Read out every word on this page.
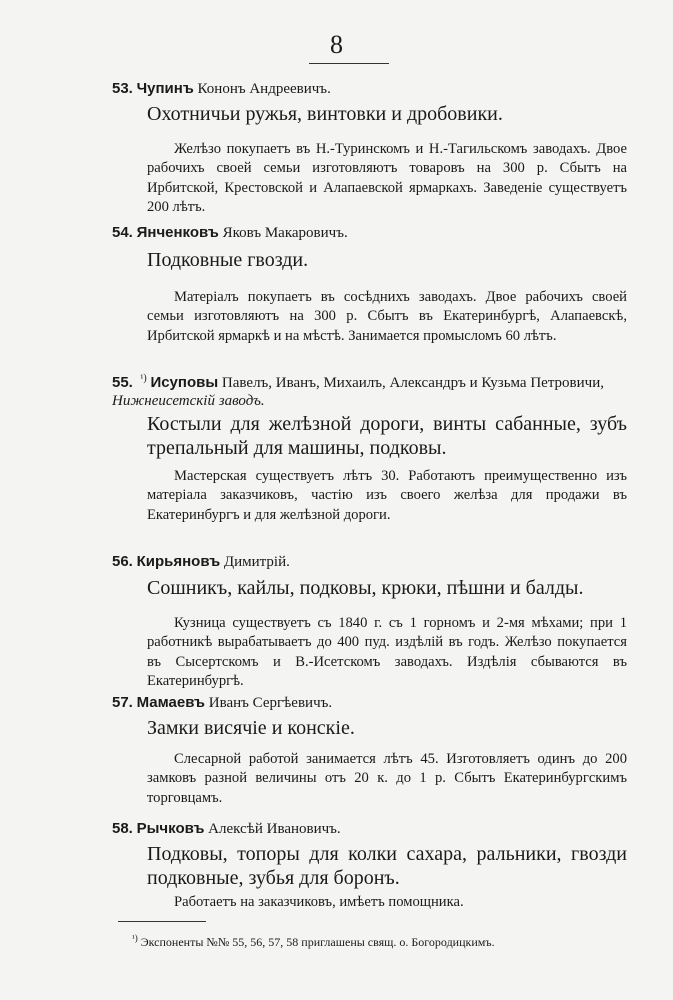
8
53. Чупинъ Кононъ Андреевичъ.
Охотничьи ружья, винтовки и дробовики.
Желѣзо покупаетъ въ Н.-Туринскомъ и Н.-Тагильскомъ заводахъ. Двое рабочихъ своей семьи изготовляютъ товаровъ на 300 р. Сбытъ на Ирбитской, Крестовской и Алапаевской ярмаркахъ. Заведеніе существуетъ 200 лѣтъ.
54. Янченковъ Яковъ Макаровичъ.
Подковные гвозди.
Матеріалъ покупаетъ въ сосѣднихъ заводахъ. Двое рабочихъ своей семьи изготовляютъ на 300 р. Сбытъ въ Екатеринбургѣ, Алапаевскѣ, Ирбитской ярмаркѣ и на мѣстѣ. Занимается промысломъ 60 лѣтъ.
55. $^{^1)}$ Исуповы Павелъ, Иванъ, Михаилъ, Александръ и Кузьма Петровичи, Нижнеисетскій заводъ.
Костыли для желѣзной дороги, винты сабанные, зубъ трепальный для машины, подковы.
Мастерская существуетъ лѣтъ 30. Работаютъ преимущественно изъ матеріала заказчиковъ, частію изъ своего желѣза для продажи въ Екатеринбургъ и для желѣзной дороги.
56. Кирьяновъ Димитрій.
Сошникъ, кайлы, подковы, крюки, пѣшни и балды.
Кузница существуетъ съ 1840 г. съ 1 горномъ и 2-мя мѣхами; при 1 работникѣ вырабатываетъ до 400 пуд. издѣлій въ годъ. Желѣзо покупается въ Сысертскомъ и В.-Исетскомъ заводахъ. Издѣлія сбываются въ Екатеринбургѣ.
57. Мамаевъ Иванъ Сергѣевичъ.
Замки висячіе и конскіе.
Слесарной работой занимается лѣтъ 45. Изготовляетъ одинъ до 200 замковъ разной величины отъ 20 к. до 1 р. Сбытъ Екатеринбургскимъ торговцамъ.
58. Рычковъ Алексѣй Ивановичъ.
Подковы, топоры для колки сахара, ральники, гвозди подковные, зубья для боронъ.
Работаетъ на заказчиковъ, имѣетъ помощника.
$^{^1)}$ Экспоненты №№ 55, 56, 57, 58 приглашены свящ. о. Богородицкимъ.
